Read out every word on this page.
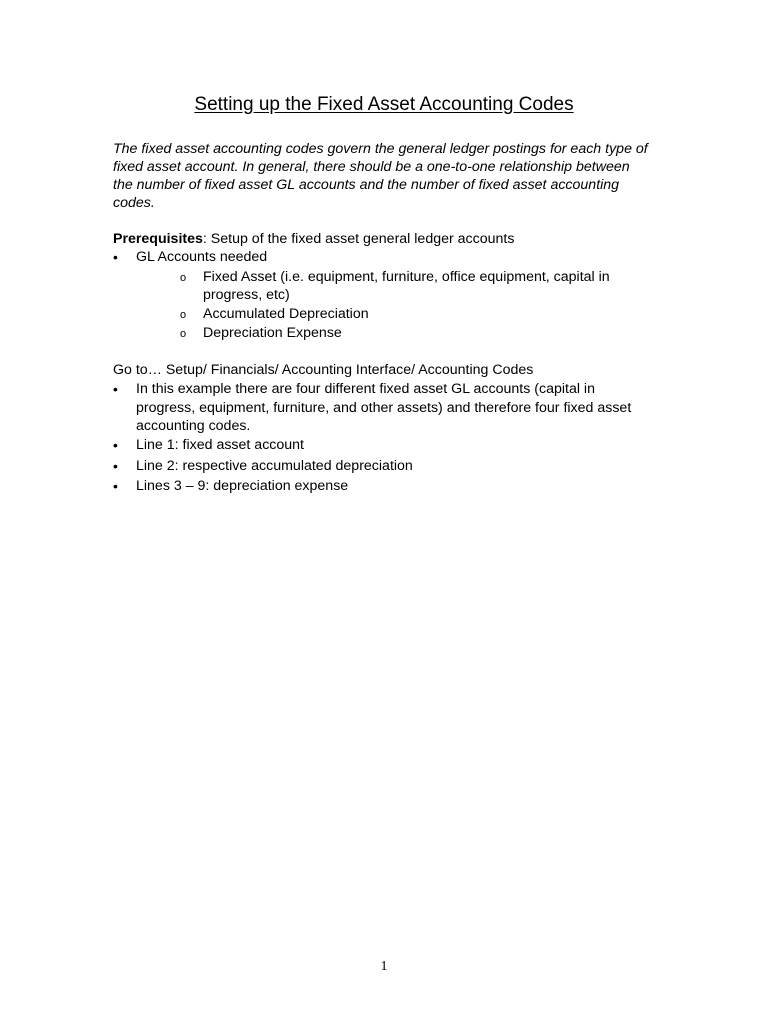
Setting up the Fixed Asset Accounting Codes

The fixed asset accounting codes govern the general ledger postings for each type of fixed asset account. In general, there should be a one-to-one relationship between the number of fixed asset GL accounts and the number of fixed asset accounting codes.

Prerequisites: Setup of the fixed asset general ledger accounts

•	GL Accounts needed
o	Fixed Asset (i.e. equipment, furniture, office equipment, capital in progress, etc)
o	Accumulated Depreciation
o	Depreciation Expense
Go to… Setup/ Financials/ Accounting Interface/ Accounting Codes
•	In this example there are four different fixed asset GL accounts (capital in progress, equipment, furniture, and other assets) and therefore four fixed asset accounting codes.
•	Line 1: fixed asset account
•	Line 2: respective accumulated depreciation
•	Lines 3 – 9: depreciation expense
1
